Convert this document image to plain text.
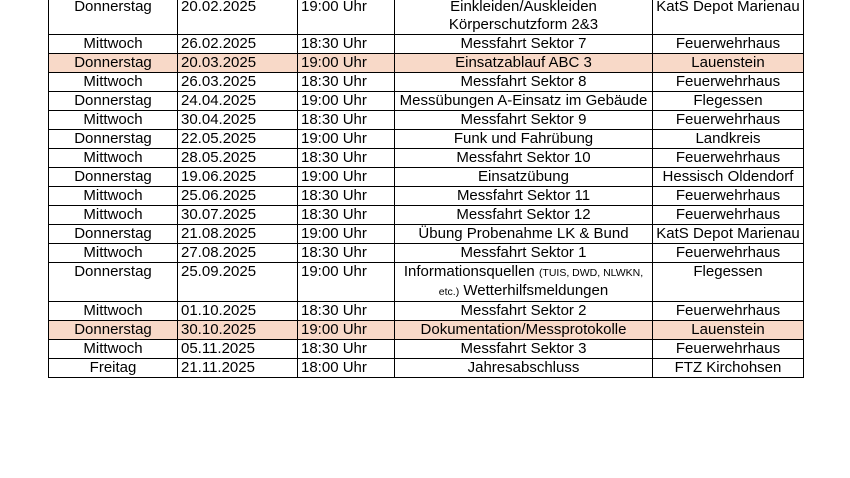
Donnerstag	20.02.2025	19:00 Uhr	Einkleiden/Auskleiden Körperschutzform 2&3	KatS Depot Marienau
Mittwoch	26.02.2025	18:30 Uhr	Messfahrt Sektor 7	Feuerwehrhaus
Donnerstag	20.03.2025	19:00 Uhr	Einsatzablauf ABC 3	Lauenstein
Mittwoch	26.03.2025	18:30 Uhr	Messfahrt Sektor 8	Feuerwehrhaus
Donnerstag	24.04.2025	19:00 Uhr	Messübungen A-Einsatz im Gebäude	Flegessen
Mittwoch	30.04.2025	18:30 Uhr	Messfahrt Sektor 9	Feuerwehrhaus
Donnerstag	22.05.2025	19:00 Uhr	Funk und Fahrübung	Landkreis
Mittwoch	28.05.2025	18:30 Uhr	Messfahrt Sektor 10	Feuerwehrhaus
Donnerstag	19.06.2025	19:00 Uhr	Einsatzübung	Hessisch Oldendorf
Mittwoch	25.06.2025	18:30 Uhr	Messfahrt Sektor 11	Feuerwehrhaus
Mittwoch	30.07.2025	18:30 Uhr	Messfahrt Sektor 12	Feuerwehrhaus
Donnerstag	21.08.2025	19:00 Uhr	Übung Probenahme LK & Bund	KatS Depot Marienau
Mittwoch	27.08.2025	18:30 Uhr	Messfahrt Sektor 1	Feuerwehrhaus
Donnerstag	25.09.2025	19:00 Uhr	Informationsquellen (TUIS, DWD, NLWKN, etc.) Wetterhilfsmeldungen	Flegessen
Mittwoch	01.10.2025	18:30 Uhr	Messfahrt Sektor 2	Feuerwehrhaus
Donnerstag	30.10.2025	19:00 Uhr	Dokumentation/Messprotokolle	Lauenstein
Mittwoch	05.11.2025	18:30 Uhr	Messfahrt Sektor 3	Feuerwehrhaus
Freitag	21.11.2025	18:00 Uhr	Jahresabschluss	FTZ Kirchohsen
